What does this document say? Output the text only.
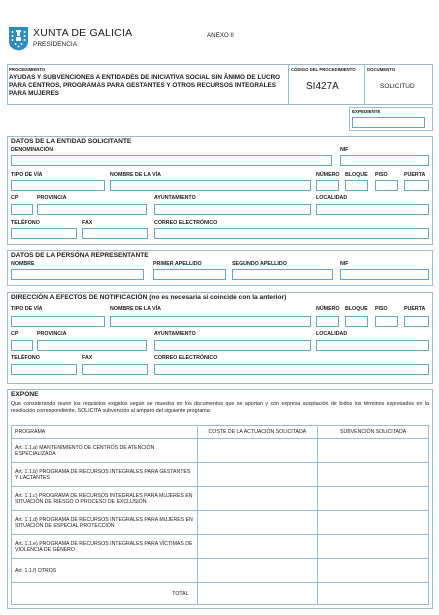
XUNTA DE GALICIA
PRESIDENCIA
ANEXO II
PROCEDIMIENTO
AYUDAS Y SUBVENCIONES A ENTIDADES DE INICIATIVA SOCIAL SIN ÁNIMO DE LUCRO PARA CENTROS, PROGRAMAS PARA GESTANTES Y OTROS RECURSOS INTEGRALES PARA MUJERES
CÓDIGO DEL PROCEDIMIENTO
SI427A
DOCUMENTO
SOLICITUD
EXPEDIENTE
DATOS DE LA ENTIDAD SOLICITANTE
DENOMINACIÓN	NIF
TIPO DE VÍA	NOMBRE DE LA VÍA	NÚMERO BLOQUE PISO	PUERTA
CP	PROVINCIA	AYUNTAMIENTO	LOCALIDAD
TELÉFONO	FAX	CORREO ELECTRÓNICO
DATOS DE LA PERSONA REPRESENTANTE
NOMBRE	PRIMER APELLIDO	SEGUNDO APELLIDO	NIF
DIRECCIÓN A EFECTOS DE NOTIFICACIÓN (no es necesaria si coincide con la anterior)
TIPO DE VÍA	NOMBRE DE LA VÍA	NÚMERO BLOQUE PISO	PUERTA
CP	PROVINCIA	AYUNTAMIENTO	LOCALIDAD
TELÉFONO	FAX	CORREO ELECTRÓNICO
EXPONE
Que considerando reunir los requisitos exigidos según se muestra en los documentos que se aportan y con expresa aceptación de todos los términos expresados en la resolución correspondiente, SOLICITA subvención al amparo del siguiente programa:
PROGRAMA	COSTE DE LA ACTUACIÓN SOLICITADA	SUBVENCIÓN SOLICITADA
Art. 1.1.a) MANTENIMIENTO DE CENTROS DE ATENCIÓN ESPECIALIZADA		
Art. 1.1.b) PROGRAMA DE RECURSOS INTEGRALES PARA GESTANTES Y LACTANTES		
Art. 1.1.c) PROGRAMA DE RECURSOS INTEGRALES PARA MUJERES EN SITUACIÓN DE RIESGO O PROCESO DE EXCLUSIÓN		
Art. 1.1.d) PROGRAMA DE RECURSOS INTEGRALES PARA MUJERES EN SITUACIÓN DE ESPECIAL PROTECCIÓN		
Art. 1.1.e) PROGRAMA DE RECURSOS INTEGRALES PARA VÍCTIMAS DE VIOLENCIA DE GÉNERO		
Art. 1.1.f) OTROS		
TOTAL		
